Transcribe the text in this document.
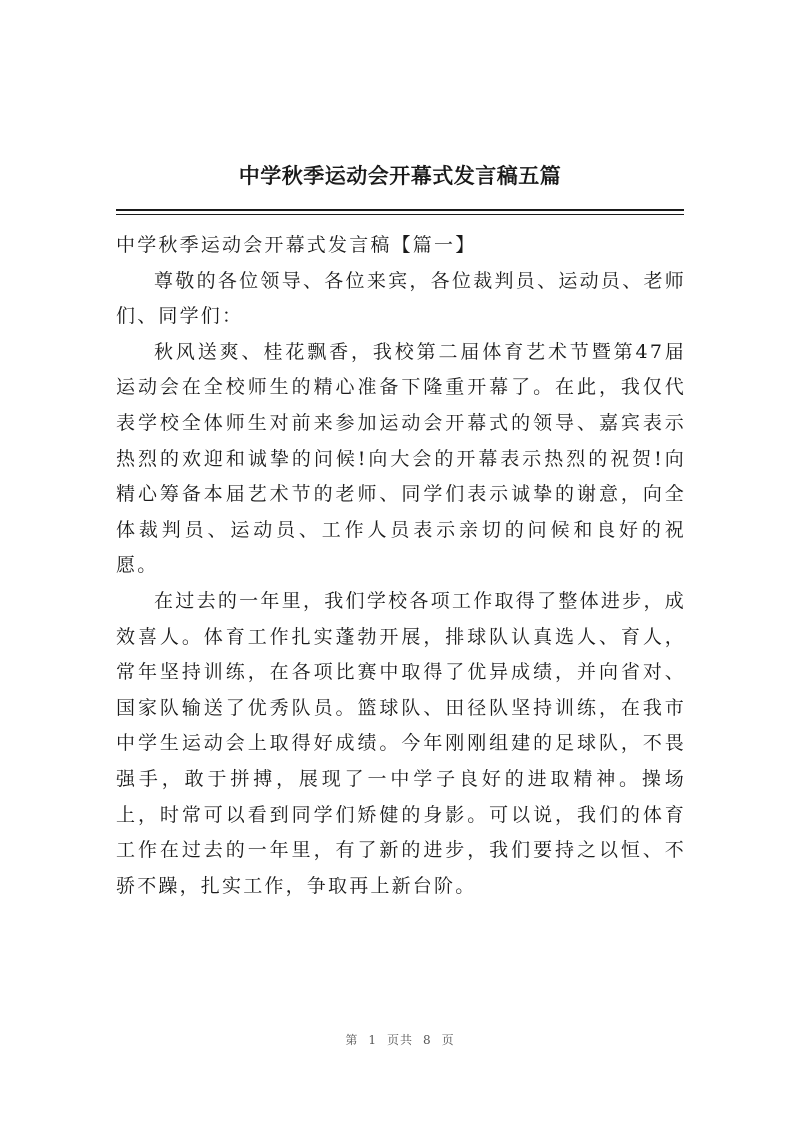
中学秋季运动会开幕式发言稿五篇

中学秋季运动会开幕式发言稿【篇一】

尊敬的各位领导、各位来宾，各位裁判员、运动员、老师们、同学们：

秋风送爽、桂花飘香，我校第二届体育艺术节暨第47届运动会在全校师生的精心准备下隆重开幕了。在此，我仅代表学校全体师生对前来参加运动会开幕式的领导、嘉宾表示热烈的欢迎和诚挚的问候!向大会的开幕表示热烈的祝贺!向精心筹备本届艺术节的老师、同学们表示诚挚的谢意，向全体裁判员、运动员、工作人员表示亲切的问候和良好的祝愿。

在过去的一年里，我们学校各项工作取得了整体进步，成效喜人。体育工作扎实蓬勃开展，排球队认真选人、育人，常年坚持训练，在各项比赛中取得了优异成绩，并向省对、国家队输送了优秀队员。篮球队、田径队坚持训练，在我市中学生运动会上取得好成绩。今年刚刚组建的足球队，不畏强手，敢于拼搏，展现了一中学子良好的进取精神。操场上，时常可以看到同学们矫健的身影。可以说，我们的体育工作在过去的一年里，有了新的进步，我们要持之以恒、不骄不躁，扎实工作，争取再上新台阶。

第 1 页共 8 页
